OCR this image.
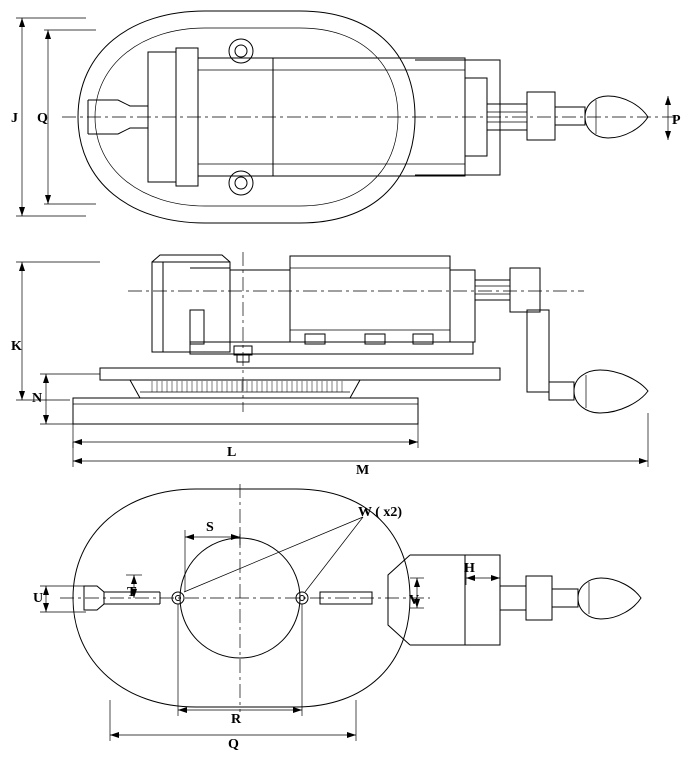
J Q	P
K
N
L
M
W ( x2)
S
H
T
U	V
R
Q
